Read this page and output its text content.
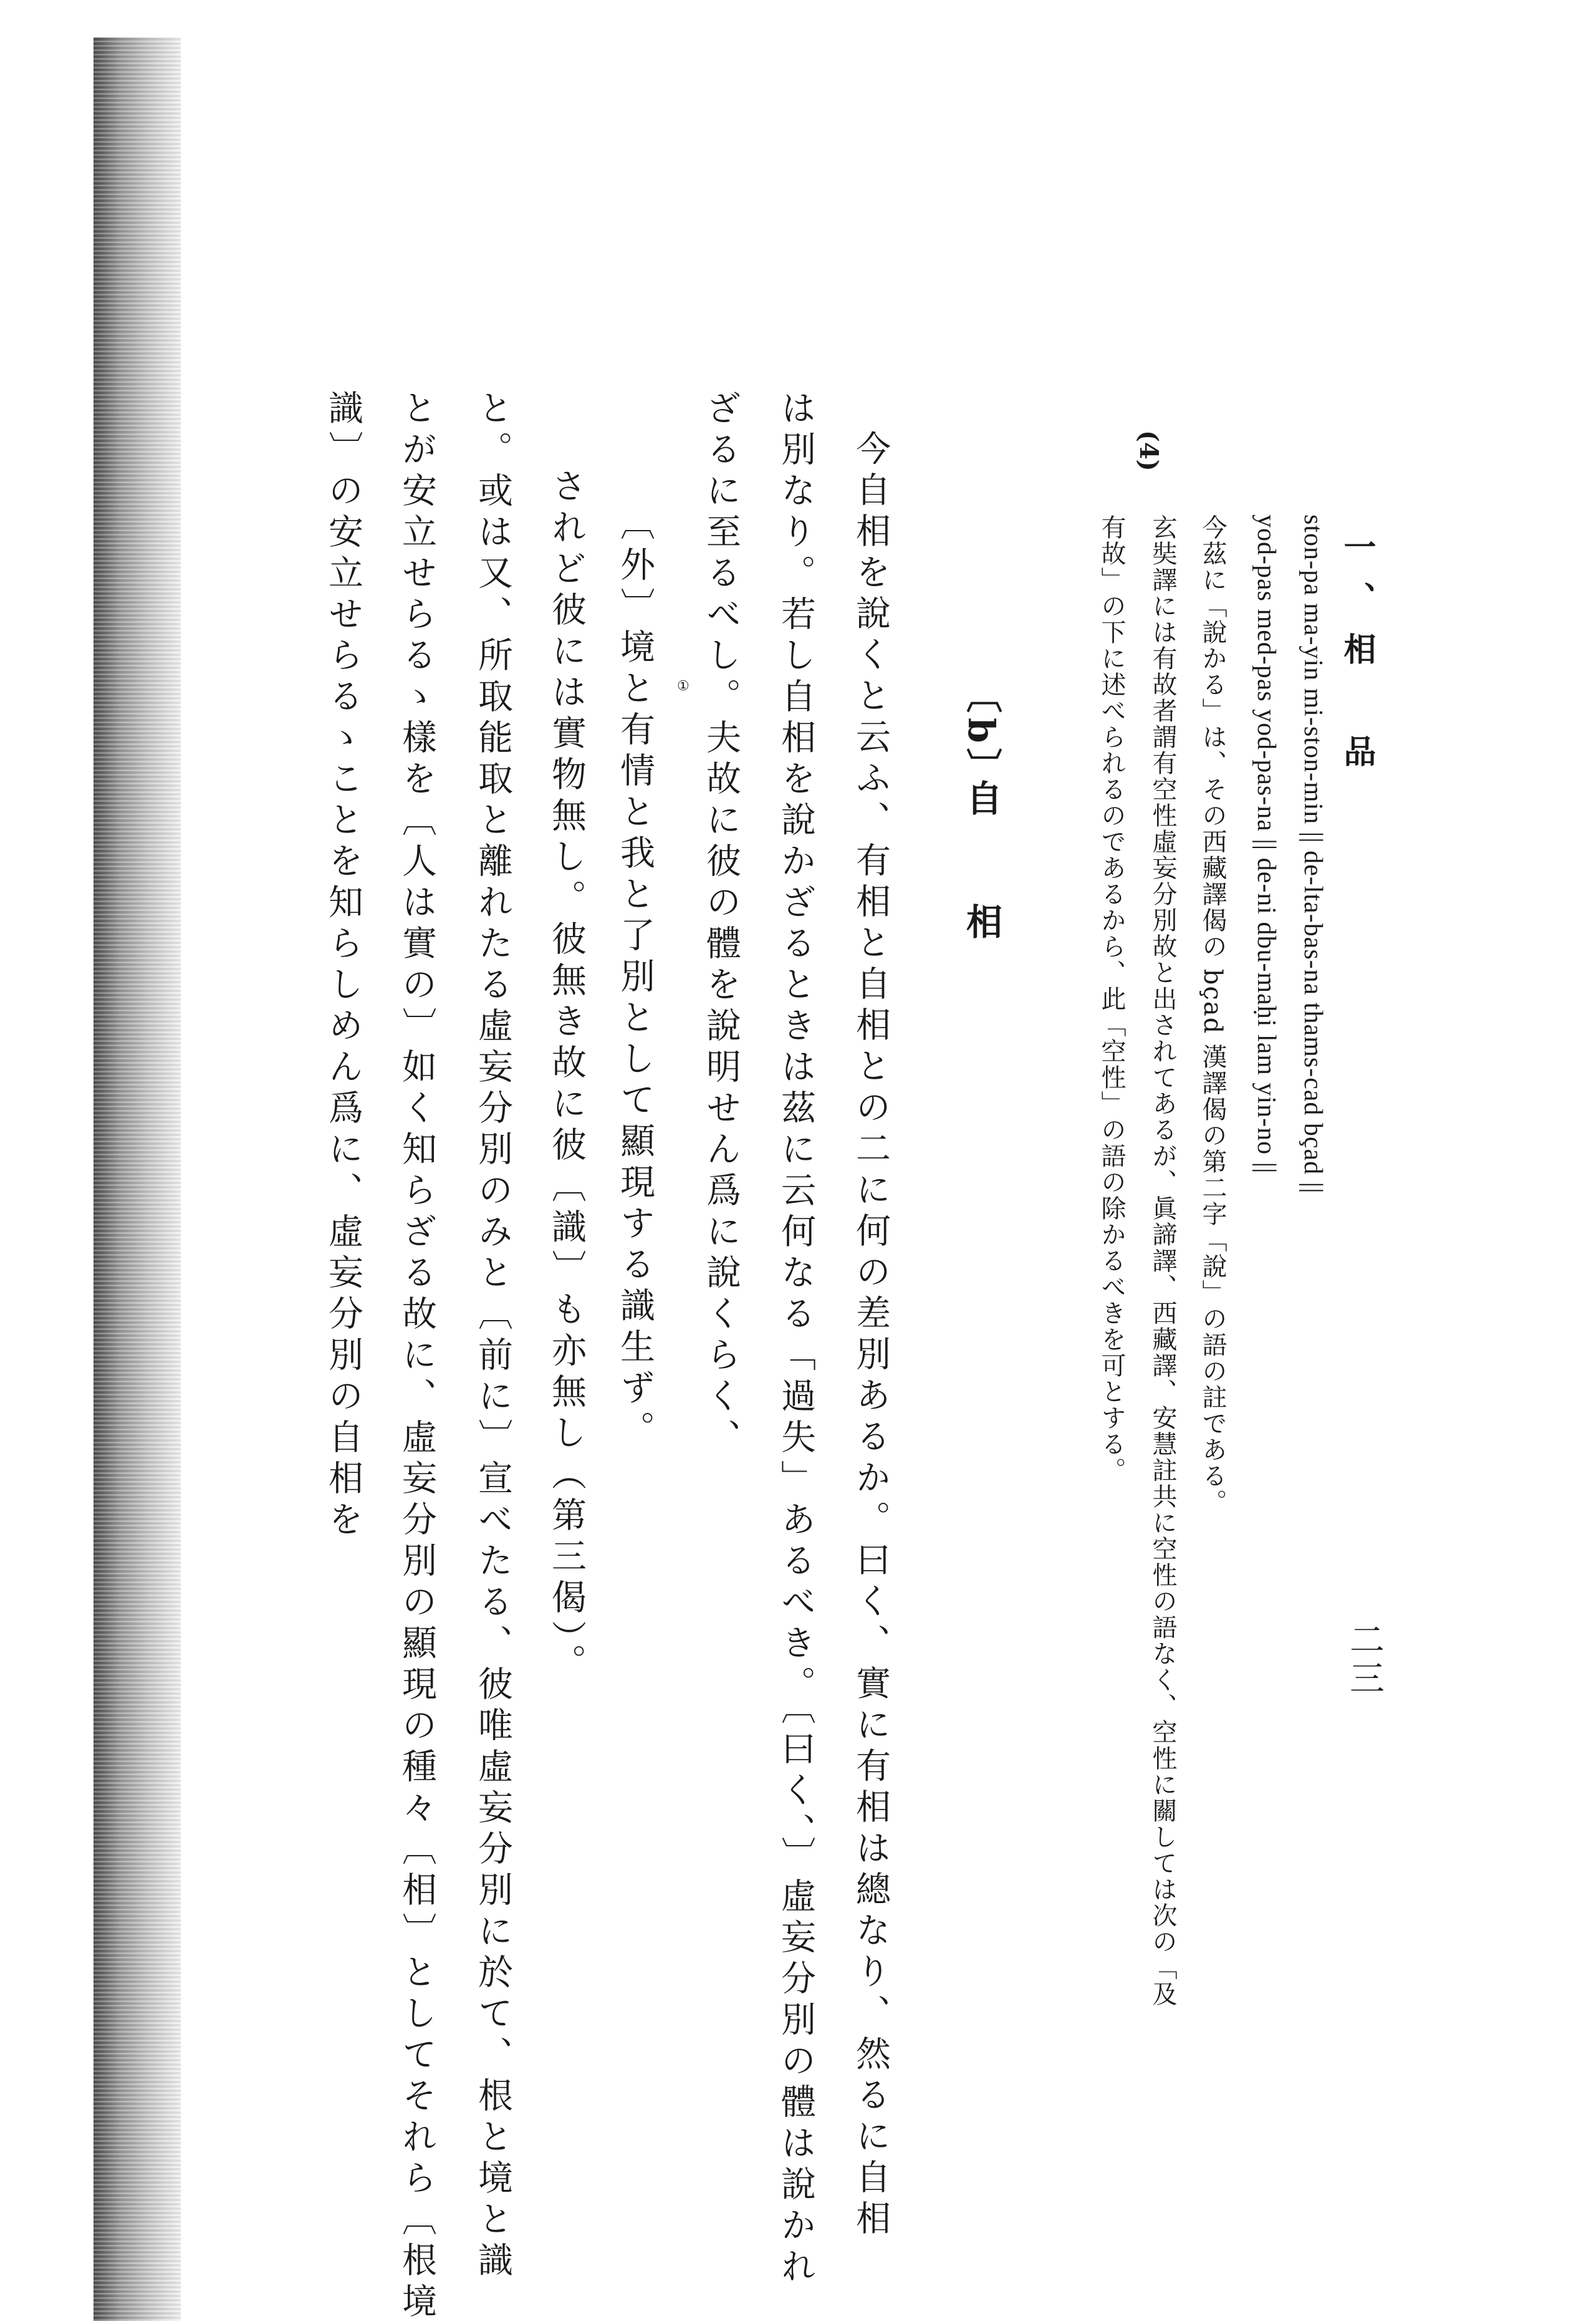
一、相　品
二三
ston-pa ma-yin mi-ston-min || de-lta-bas-na thams-cad bçad ||
yod-pas med-pas yod-pas-na || de-ni dbu-maḥi lam yin-no ||
(4)
今茲に「說かる」は、その西藏譯偈の bçad 漢譯偈の第二字「說」の語の註である。
玄奘譯には有故者謂有空性虛妄分別故と出されてあるが、眞諦譯、西藏譯、安慧註共に空性の語なく、空性に關しては次の「及
有故」の下に述べられるのであるから、此「空性」の語の除かるべきを可とする。
〔b〕
自相
今自相を說くと云ふ、有相と自相との二に何の差別あるか。曰く、實に有相は總なり、然るに自相
は別なり。若し自相を說かざるときは茲に云何なる「過失」あるべき。〔曰く、〕虛妄分別の體は說かれ
ざるに至るべし。夫故に彼の體を說明せん爲に說くらく、
〔外〕境と有情と我と了別として顯現する識生ず。
されど彼には實物無し。彼無き故に彼〔識〕も亦無し（第三偈）。
と。或は又、所取能取と離れたる虛妄分別のみと〔前に〕宣べたる、彼唯虛妄分別に於て、根と境と識
とが安立せらるゝ樣を〔人は實の〕如く知らざる故に、虛妄分別の顯現の種々〔相〕としてそれら〔根境
識〕の安立せらるゝことを知らしめん爲に、虛妄分別の自相を	①
